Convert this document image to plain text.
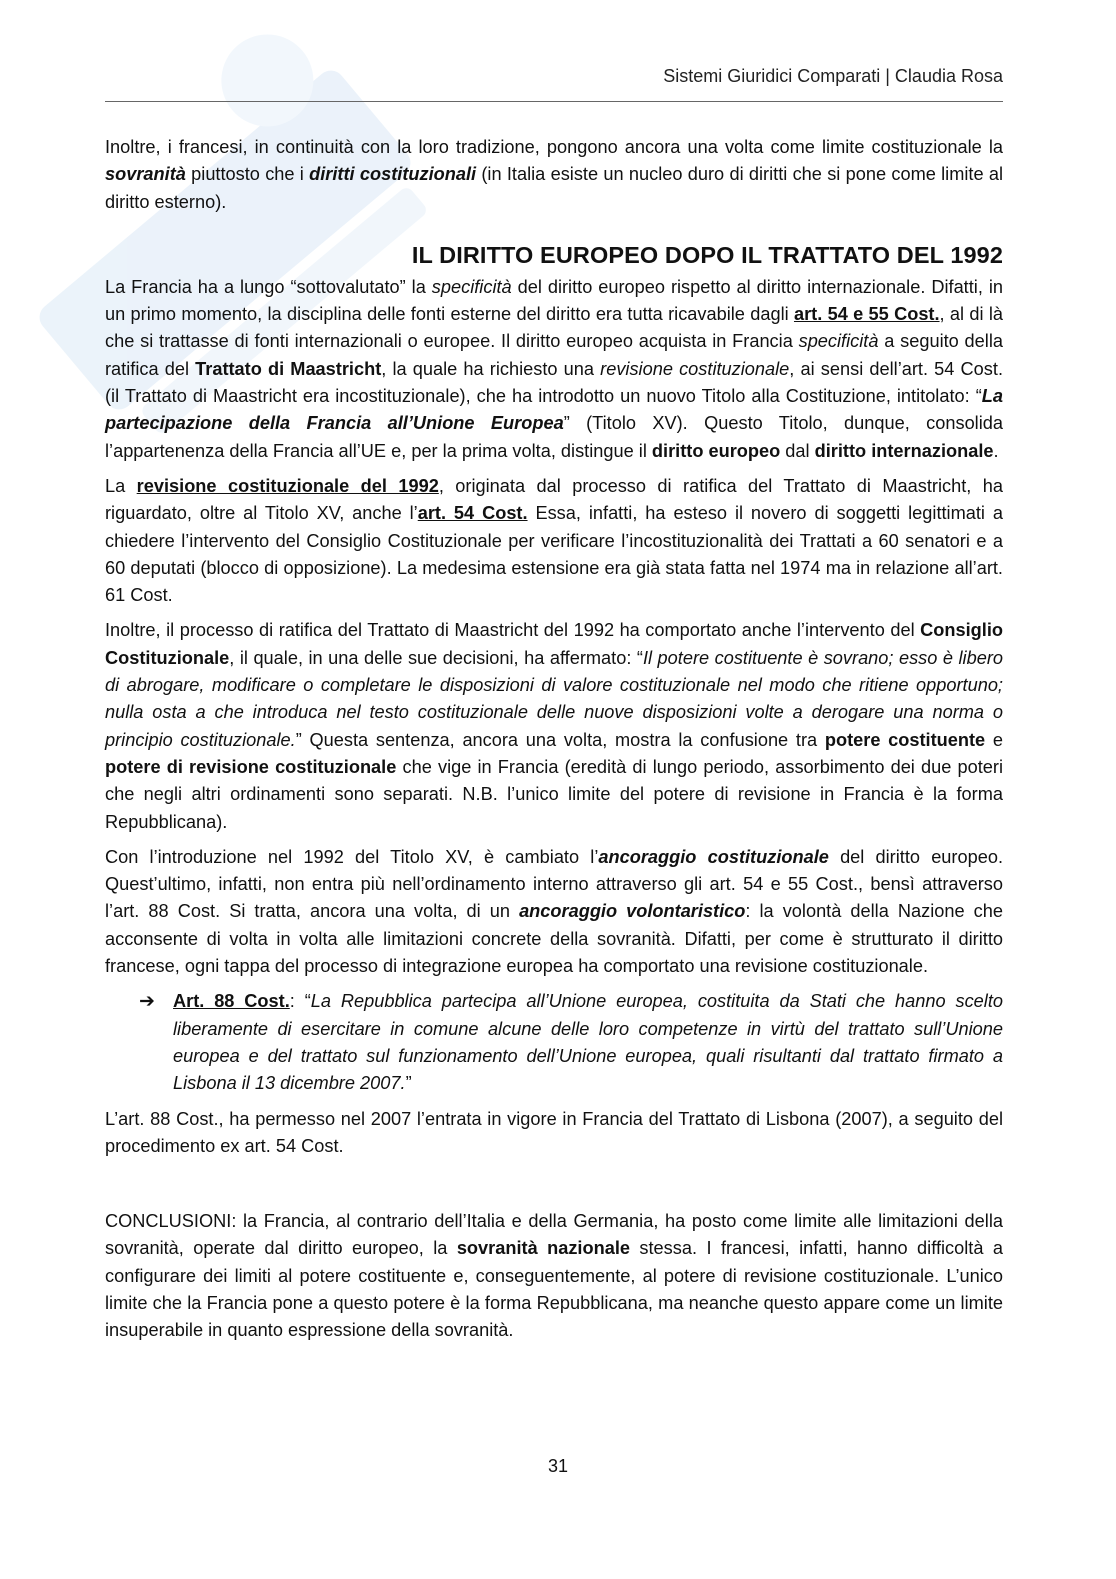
Sistemi Giuridici Comparati | Claudia Rosa

Inoltre, i francesi, in continuità con la loro tradizione, pongono ancora una volta come limite costituzionale la sovranità piuttosto che i diritti costituzionali (in Italia esiste un nucleo duro di diritti che si pone come limite al diritto esterno).

IL DIRITTO EUROPEO DOPO IL TRATTATO DEL 1992

La Francia ha a lungo “sottovalutato” la specificità del diritto europeo rispetto al diritto internazionale. Difatti, in un primo momento, la disciplina delle fonti esterne del diritto era tutta ricavabile dagli art. 54 e 55 Cost., al di là che si trattasse di fonti internazionali o europee. Il diritto europeo acquista in Francia specificità a seguito della ratifica del Trattato di Maastricht, la quale ha richiesto una revisione costituzionale, ai sensi dell’art. 54 Cost. (il Trattato di Maastricht era incostituzionale), che ha introdotto un nuovo Titolo alla Costituzione, intitolato: “La partecipazione della Francia all’Unione Europea” (Titolo XV). Questo Titolo, dunque, consolida l’appartenenza della Francia all’UE e, per la prima volta, distingue il diritto europeo dal diritto internazionale.

La revisione costituzionale del 1992, originata dal processo di ratifica del Trattato di Maastricht, ha riguardato, oltre al Titolo XV, anche l’art. 54 Cost. Essa, infatti, ha esteso il novero di soggetti legittimati a chiedere l’intervento del Consiglio Costituzionale per verificare l’incostituzionalità dei Trattati a 60 senatori e a 60 deputati (blocco di opposizione). La medesima estensione era già stata fatta nel 1974 ma in relazione all’art. 61 Cost.

Inoltre, il processo di ratifica del Trattato di Maastricht del 1992 ha comportato anche l’intervento del Consiglio Costituzionale, il quale, in una delle sue decisioni, ha affermato: “Il potere costituente è sovrano; esso è libero di abrogare, modificare o completare le disposizioni di valore costituzionale nel modo che ritiene opportuno; nulla osta a che introduca nel testo costituzionale delle nuove disposizioni volte a derogare una norma o principio costituzionale.” Questa sentenza, ancora una volta, mostra la confusione tra potere costituente e potere di revisione costituzionale che vige in Francia (eredità di lungo periodo, assorbimento dei due poteri che negli altri ordinamenti sono separati. N.B. l’unico limite del potere di revisione in Francia è la forma Repubblicana).

Con l’introduzione nel 1992 del Titolo XV, è cambiato l’ancoraggio costituzionale del diritto europeo. Quest’ultimo, infatti, non entra più nell’ordinamento interno attraverso gli art. 54 e 55 Cost., bensì attraverso l’art. 88 Cost. Si tratta, ancora una volta, di un ancoraggio volontaristico: la volontà della Nazione che acconsente di volta in volta alle limitazioni concrete della sovranità. Difatti, per come è strutturato il diritto francese, ogni tappa del processo di integrazione europea ha comportato una revisione costituzionale.

➔ Art. 88 Cost.: “La Repubblica partecipa all’Unione europea, costituita da Stati che hanno scelto liberamente di esercitare in comune alcune delle loro competenze in virtù del trattato sull’Unione europea e del trattato sul funzionamento dell’Unione europea, quali risultanti dal trattato firmato a Lisbona il 13 dicembre 2007.”

L’art. 88 Cost., ha permesso nel 2007 l’entrata in vigore in Francia del Trattato di Lisbona (2007), a seguito del procedimento ex art. 54 Cost.

CONCLUSIONI: la Francia, al contrario dell’Italia e della Germania, ha posto come limite alle limitazioni della sovranità, operate dal diritto europeo, la sovranità nazionale stessa. I francesi, infatti, hanno difficoltà a configurare dei limiti al potere costituente e, conseguentemente, al potere di revisione costituzionale. L’unico limite che la Francia pone a questo potere è la forma Repubblicana, ma neanche questo appare come un limite insuperabile in quanto espressione della sovranità.

31
